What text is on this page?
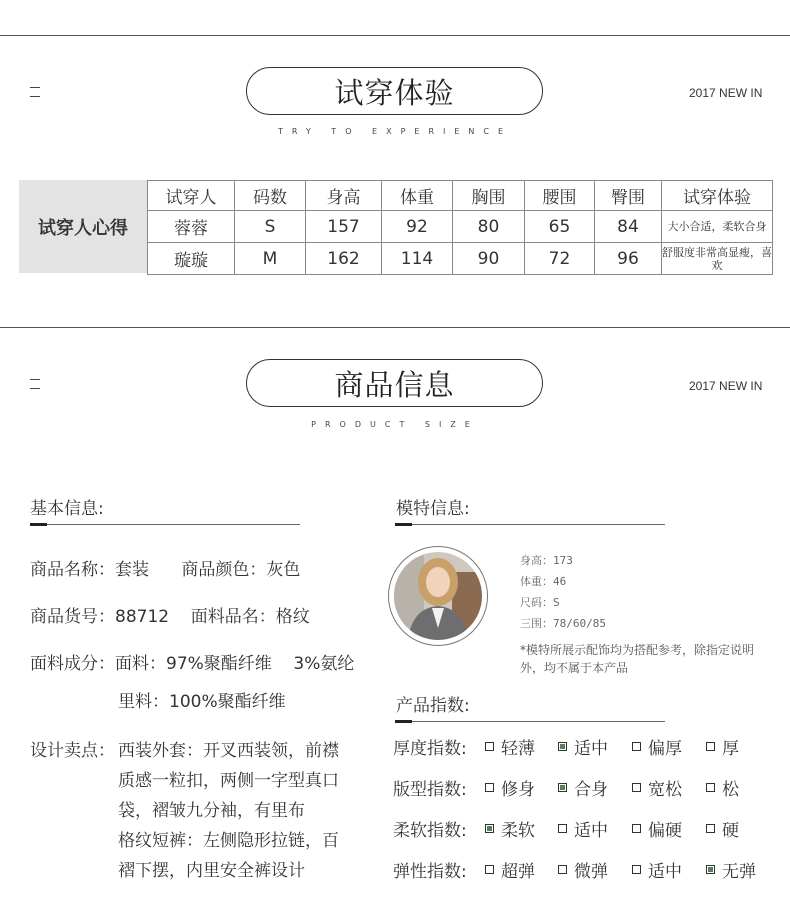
试穿体验
TRY TO EXPERIENCE
2017 NEW IN
试穿人心得
试穿人	码数	身高	体重	胸围	腰围	臀围	试穿体验
蓉蓉	S	157	92	80	65	84	大小合适，柔软合身
璇璇	M	162	114	90	72	96	舒服度非常高显瘦，喜欢
商品信息
PRODUCT SIZE
2017 NEW IN
基本信息:
商品名称：套装      商品颜色：灰色
商品货号：88712    面料品名：格纹
面料成分：面料：97%聚酯纤维    3%氨纶
里料：100%聚酯纤维
设计卖点： 西装外套：开叉西装领，前襟
质感一粒扣，两侧一字型真口
袋，褶皱九分袖，有里布
格纹短裤：左侧隐形拉链，百
褶下摆，内里安全裤设计
模特信息:
身高：173
体重：46
尺码：S
三围：78/60/85
*模特所展示配饰均为搭配参考，除指定说明外，均不属于本产品
产品指数:
厚度指数: 轻薄 适中 偏厚 厚
版型指数: 修身 合身 宽松 松
柔软指数: 柔软 适中 偏硬 硬
弹性指数: 超弹 微弹 适中 无弹
